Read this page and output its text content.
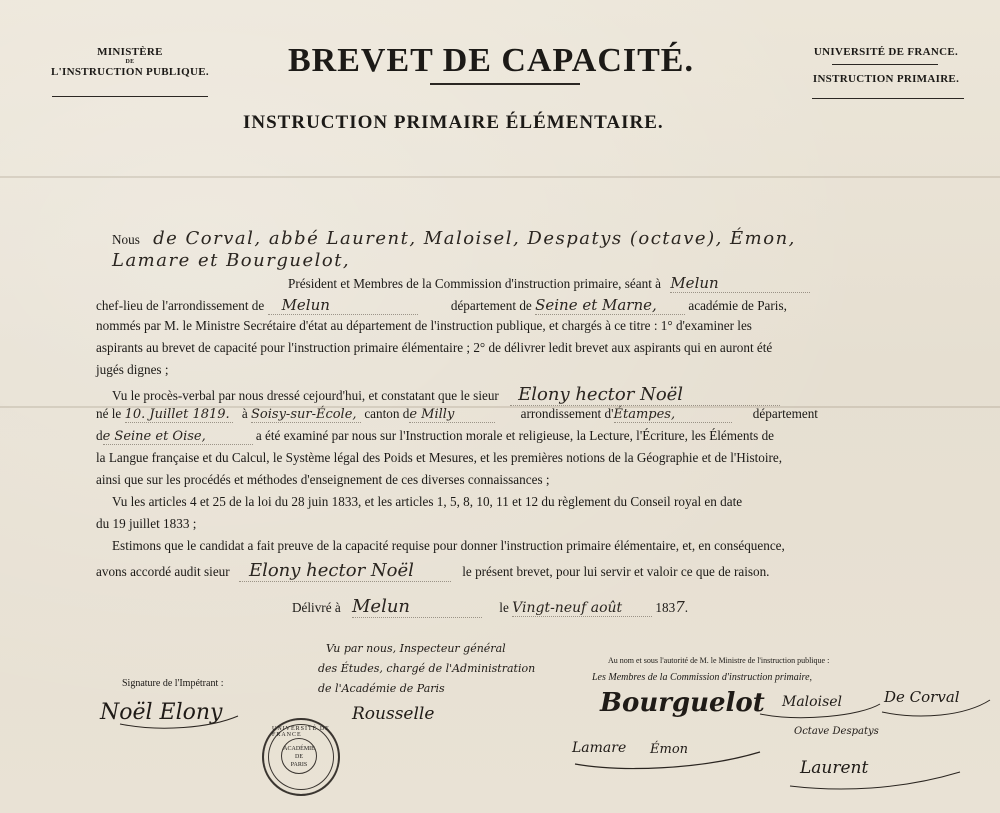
MINISTÈRE
DE
L'INSTRUCTION PUBLIQUE.	BREVET DE CAPACITÉ.
INSTRUCTION PRIMAIRE ÉLÉMENTAIRE.
UNIVERSITÉ DE FRANCE.
INSTRUCTION PRIMAIRE.
Nous de Corval, abbé Laurent, Maloisel, Despatys (octave), Émon,
Lamare et Bourguelot,
Président et Membres de la Commission d'instruction primaire, séant à Melun
chef-lieu de l'arrondissement de Melun	département de Seine et Marne, académie de Paris,
nommés par M. le Ministre Secrétaire d'état au département de l'instruction publique, et chargés à ce titre : 1° d'examiner les
aspirants au brevet de capacité pour l'instruction primaire élémentaire ; 2° de délivrer ledit brevet aux aspirants qui en auront été
jugés dignes ;
Vu le procès-verbal par nous dressé cejourd'hui, et constatant que le sieur Elony hector Noël
né le 10. Juillet 1819. à Soisy-sur-École, canton de Milly	arrondissement d'Étampes,	département
de Seine et Oise,	a été examiné par nous sur l'Instruction morale et religieuse, la Lecture, l'Écriture, les Éléments de
la Langue française et du Calcul, le Système légal des Poids et Mesures, et les premières notions de la Géographie et de l'Histoire,
ainsi que sur les procédés et méthodes d'enseignement de ces diverses connaissances ;
Vu les articles 4 et 25 de la loi du 28 juin 1833, et les articles 1, 5, 8, 10, 11 et 12 du règlement du Conseil royal en date
du 19 juillet 1833 ;
Estimons que le candidat a fait preuve de la capacité requise pour donner l'instruction primaire élémentaire, et, en conséquence,
avons accordé audit sieur Elony hector Noël	le présent brevet, pour lui servir et valoir ce que de raison.
Délivré à Melun	le Vingt-neuf août	1837.
Signature de l'Impétrant :
Noël Elony
Vu par nous, Inspecteur général
des Études, chargé de l'Administration
de l'Académie de Paris
Rousselle
UNIVERSITÉ DE FRANCE
ACADÉMIE
DE
PARIS
Au nom et sous l'autorité de M. le Ministre de l'instruction publique :
Les Membres de la Commission d'instruction primaire,
Bourguelot Maloisel	De Corval
Lamare Émon
Octave Despatys
Laurent
